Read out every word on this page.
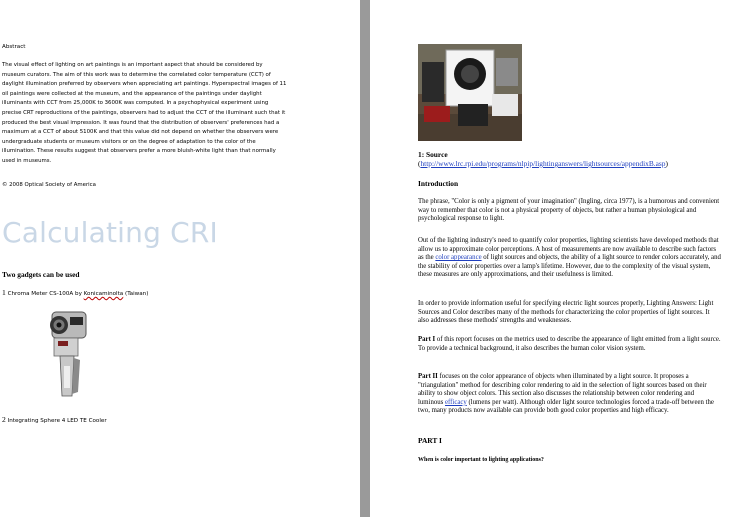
Abstract
The visual effect of lighting on art paintings is an important aspect that should be considered by
museum curators. The aim of this work was to determine the correlated color temperature (CCT) of
daylight illumination preferred by observers when appreciating art paintings. Hyperspectral images of 11
oil paintings were collected at the museum, and the appearance of the paintings under daylight
illuminants with CCT from 25,000K to 3600K was computed. In a psychophysical experiment using
precise CRT reproductions of the paintings, observers had to adjust the CCT of the illuminant such that it
produced the best visual impression. It was found that the distribution of observers' preferences had a
maximum at a CCT of about 5100K and that this value did not depend on whether the observers were
undergraduate students or museum visitors or on the degree of adaptation to the color of the
illumination. These results suggest that observers prefer a more bluish-white light than that normally
used in museums.
© 2008 Optical Society of America
Calculating CRI
Two gadgets can be used
1 Chroma Meter CS-100A by Konicaminolta (Taiwan)
2 Integrating Sphere 4 LED TE Cooler
1: Source
(http://www.lrc.rpi.edu/programs/nlpip/lightinganswers/lightsources/appendixB.asp)
Introduction

The phrase, "Color is only a pigment of your imagination" (Ingling, circa 1977), is a humorous and convenient way to remember that color is not a physical property of objects, but rather a human physiological and psychological response to light.

Out of the lighting industry's need to quantify color properties, lighting scientists have developed methods that allow us to approximate color perceptions. A host of measurements are now available to describe such factors as the color appearance of light sources and objects, the ability of a light source to render colors accurately, and the stability of color properties over a lamp's lifetime. However, due to the complexity of the visual system, these measures are only approximations, and their usefulness is limited.

In order to provide information useful for specifying electric light sources properly, Lighting Answers: Light Sources and Color describes many of the methods for characterizing the color properties of light sources. It also addresses these methods' strengths and weaknesses.

Part I of this report focuses on the metrics used to describe the appearance of light emitted from a light source. To provide a technical background, it also describes the human color vision system.

Part II focuses on the color appearance of objects when illuminated by a light source. It proposes a "triangulation" method for describing color rendering to aid in the selection of light sources based on their ability to show object colors. This section also discusses the relationship between color rendering and luminous efficacy (lumens per watt). Although older light source technologies forced a trade-off between the two, many products now available can provide both good color properties and high efficacy.

PART I
When is color important to lighting applications?
